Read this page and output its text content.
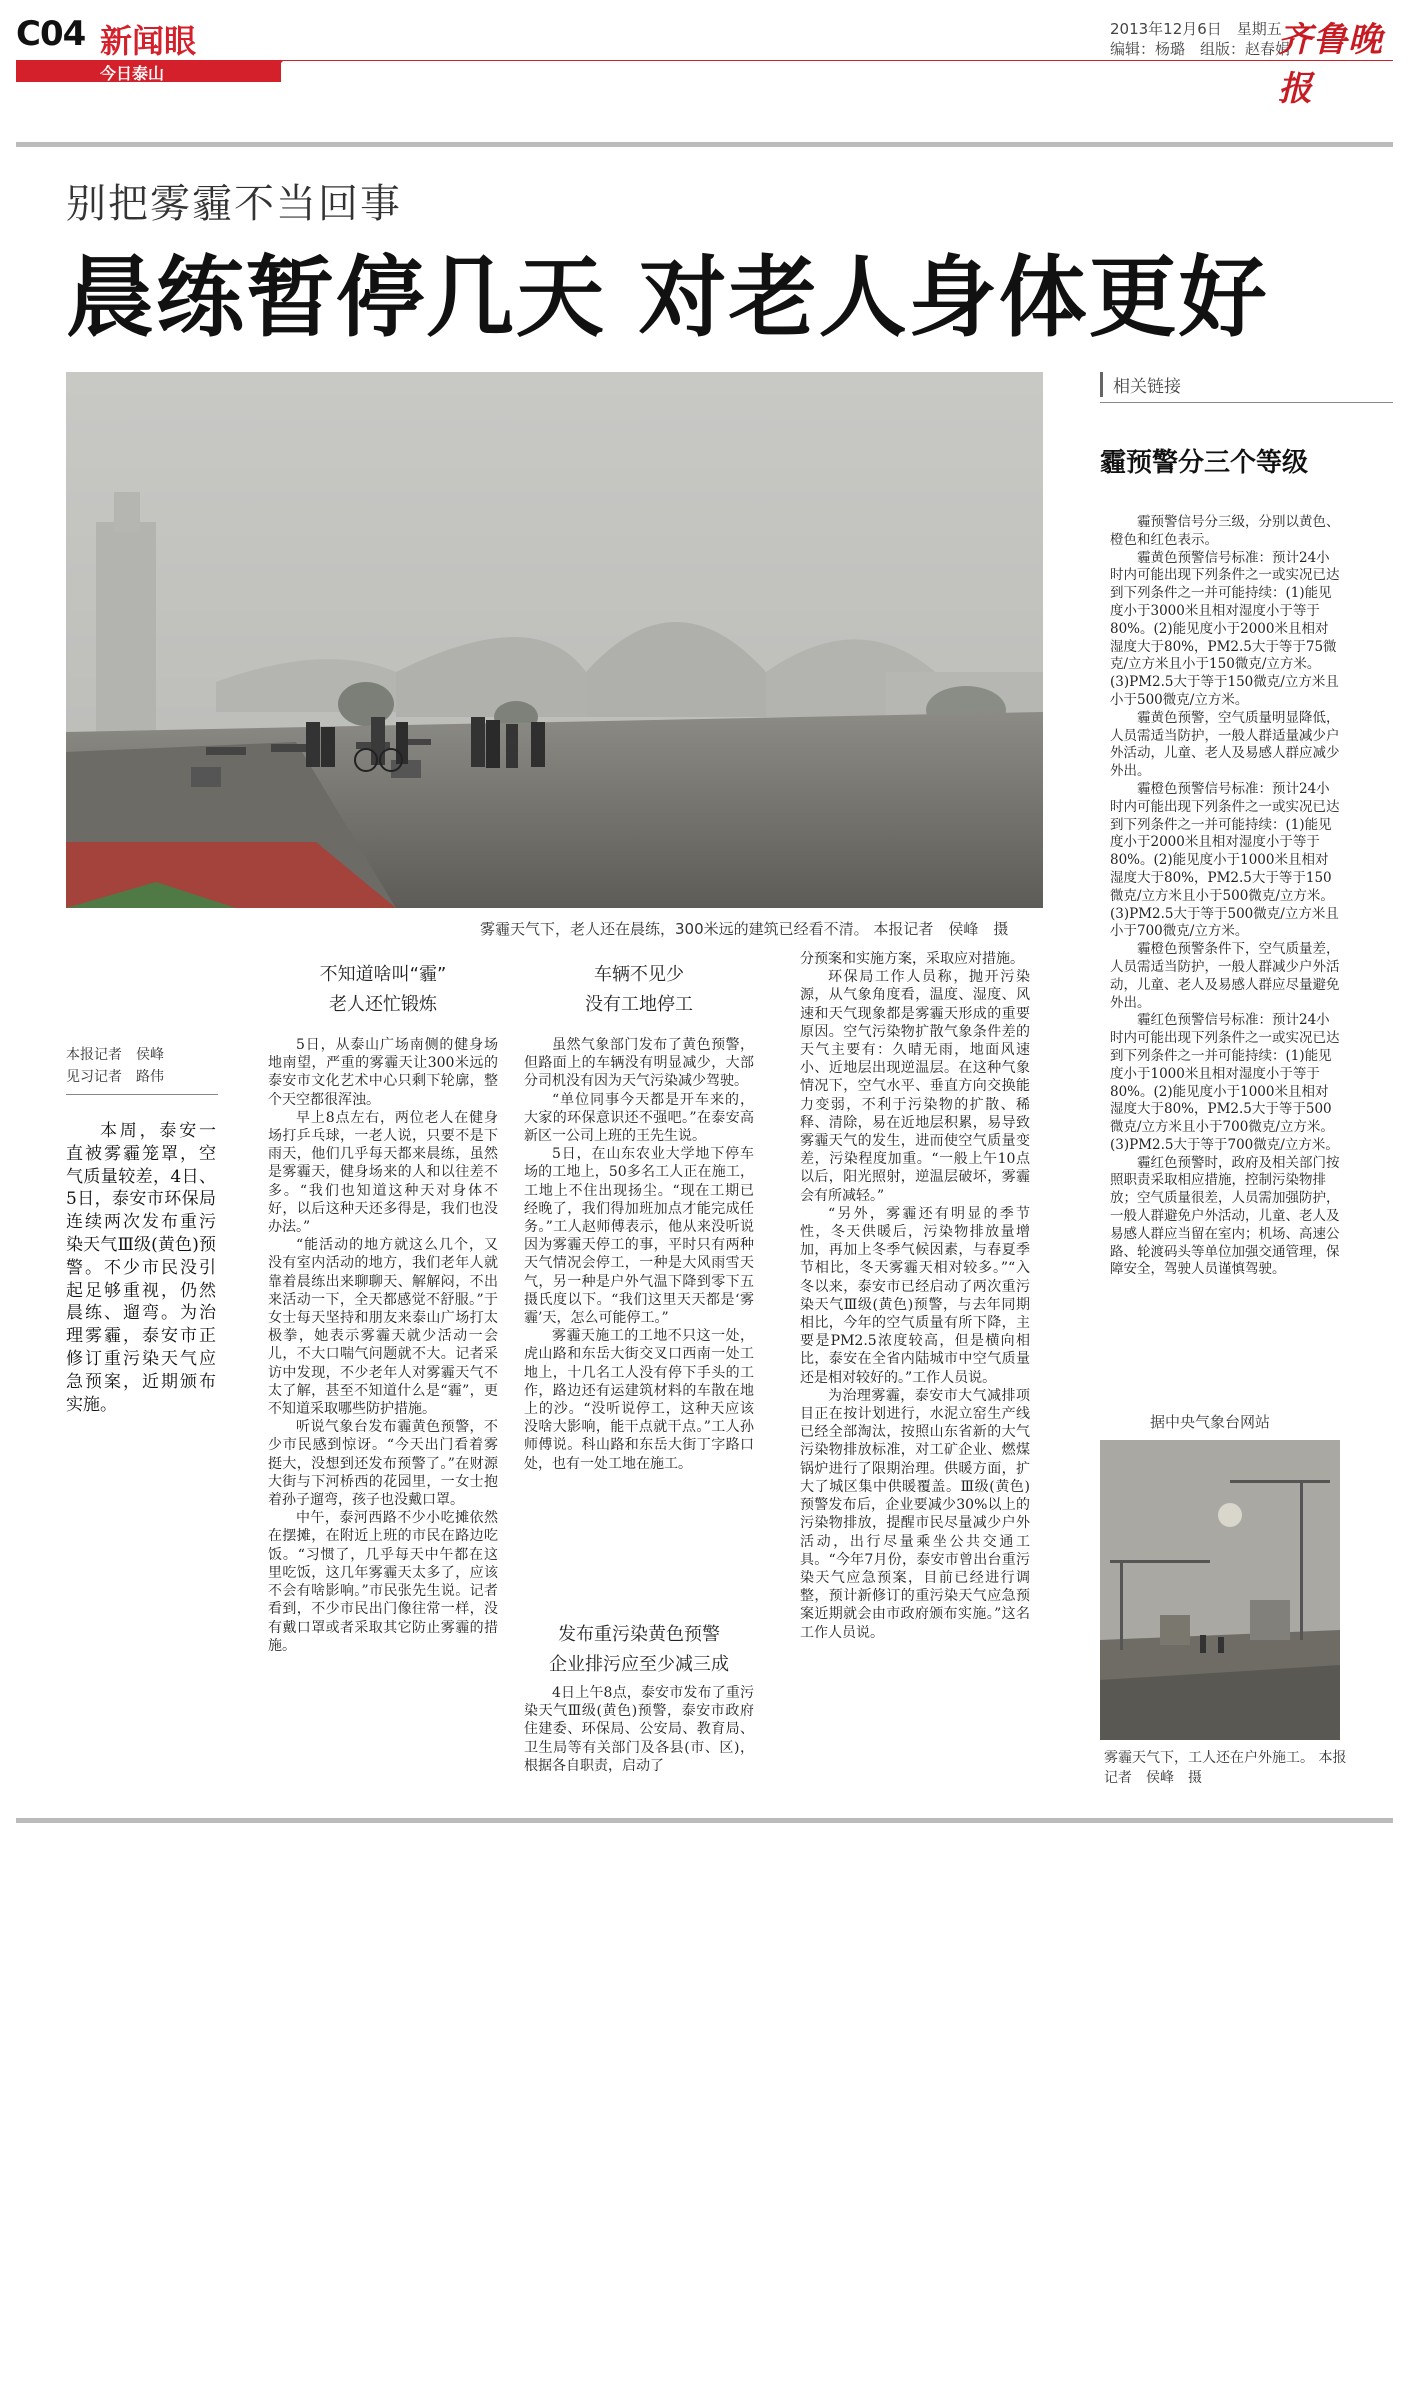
C04 新闻眼
今日泰山
2013年12月6日　星期五
编辑：杨璐　组版：赵春娟
齐鲁晚报
别把雾霾不当回事
晨练暂停几天 对老人身体更好
雾霾天气下，老人还在晨练，300米远的建筑已经看不清。 本报记者　侯峰　摄
相关链接
霾预警分三个等级

霾预警信号分三级，分别以黄色、橙色和红色表示。

霾黄色预警信号标准：预计24小时内可能出现下列条件之一或实况已达到下列条件之一并可能持续：(1)能见度小于3000米且相对湿度小于等于80%。(2)能见度小于2000米且相对湿度大于80%，PM2.5大于等于75微克/立方米且小于150微克/立方米。(3)PM2.5大于等于150微克/立方米且小于500微克/立方米。

霾黄色预警，空气质量明显降低，人员需适当防护，一般人群适量减少户外活动，儿童、老人及易感人群应减少外出。

霾橙色预警信号标准：预计24小时内可能出现下列条件之一或实况已达到下列条件之一并可能持续：(1)能见度小于2000米且相对湿度小于等于80%。(2)能见度小于1000米且相对湿度大于80%，PM2.5大于等于150微克/立方米且小于500微克/立方米。(3)PM2.5大于等于500微克/立方米且小于700微克/立方米。

霾橙色预警条件下，空气质量差，人员需适当防护，一般人群减少户外活动，儿童、老人及易感人群应尽量避免外出。

霾红色预警信号标准：预计24小时内可能出现下列条件之一或实况已达到下列条件之一并可能持续：(1)能见度小于1000米且相对湿度小于等于80%。(2)能见度小于1000米且相对湿度大于80%，PM2.5大于等于500微克/立方米且小于700微克/立方米。(3)PM2.5大于等于700微克/立方米。

霾红色预警时，政府及相关部门按照职责采取相应措施，控制污染物排放；空气质量很差，人员需加强防护，一般人群避免户外活动，儿童、老人及易感人群应当留在室内；机场、高速公路、轮渡码头等单位加强交通管理，保障安全，驾驶人员谨慎驾驶。

据中央气象台网站
雾霾天气下，工人还在户外施工。 本报记者　侯峰　摄
本报记者　侯峰
见习记者　路伟

本周，泰安一直被雾霾笼罩，空气质量较差，4日、5日，泰安市环保局连续两次发布重污染天气Ⅲ级(黄色)预警。不少市民没引起足够重视，仍然晨练、遛弯。为治理雾霾，泰安市正修订重污染天气应急预案，近期颁布实施。

不知道啥叫“霾”
老人还忙锻炼

5日，从泰山广场南侧的健身场地南望，严重的雾霾天让300米远的泰安市文化艺术中心只剩下轮廓，整个天空都很浑浊。

早上8点左右，两位老人在健身场打乒乓球，一老人说，只要不是下雨天，他们几乎每天都来晨练，虽然是雾霾天，健身场来的人和以往差不多。“我们也知道这种天对身体不好，以后这种天还多得是，我们也没办法。”

“能活动的地方就这么几个，又没有室内活动的地方，我们老年人就靠着晨练出来聊聊天、解解闷，不出来活动一下，全天都感觉不舒服。”于女士每天坚持和朋友来泰山广场打太极拳，她表示雾霾天就少活动一会儿，不大口喘气问题就不大。记者采访中发现，不少老年人对雾霾天气不太了解，甚至不知道什么是“霾”，更不知道采取哪些防护措施。

听说气象台发布霾黄色预警，不少市民感到惊讶。“今天出门看着雾挺大，没想到还发布预警了。”在财源大街与下河桥西的花园里，一女士抱着孙子遛弯，孩子也没戴口罩。

中午，泰河西路不少小吃摊依然在摆摊，在附近上班的市民在路边吃饭。“习惯了，几乎每天中午都在这里吃饭，这几年雾霾天太多了，应该不会有啥影响。”市民张先生说。记者看到，不少市民出门像往常一样，没有戴口罩或者采取其它防止雾霾的措施。

车辆不见少
没有工地停工

虽然气象部门发布了黄色预警，但路面上的车辆没有明显减少，大部分司机没有因为天气污染减少驾驶。

“单位同事今天都是开车来的，大家的环保意识还不强吧。”在泰安高新区一公司上班的王先生说。

5日，在山东农业大学地下停车场的工地上，50多名工人正在施工，工地上不住出现扬尘。“现在工期已经晚了，我们得加班加点才能完成任务。”工人赵师傅表示，他从来没听说因为雾霾天停工的事，平时只有两种天气情况会停工，一种是大风雨雪天气，另一种是户外气温下降到零下五摄氏度以下。“我们这里天天都是‘雾霾’天，怎么可能停工。”

雾霾天施工的工地不只这一处，虎山路和东岳大街交叉口西南一处工地上，十几名工人没有停下手头的工作，路边还有运建筑材料的车散在地上的沙。“没听说停工，这种天应该没啥大影响，能干点就干点。”工人孙师傅说。科山路和东岳大街丁字路口处，也有一处工地在施工。

发布重污染黄色预警
企业排污应至少减三成

4日上午8点，泰安市发布了重污染天气Ⅲ级(黄色)预警，泰安市政府住建委、环保局、公安局、教育局、卫生局等有关部门及各县(市、区)，根据各自职责，启动了

分预案和实施方案，采取应对措施。

环保局工作人员称，抛开污染源，从气象角度看，温度、湿度、风速和天气现象都是雾霾天形成的重要原因。空气污染物扩散气象条件差的天气主要有：久晴无雨，地面风速小、近地层出现逆温层。在这种气象情况下，空气水平、垂直方向交换能力变弱，不利于污染物的扩散、稀释、清除，易在近地层积累，易导致雾霾天气的发生，进而使空气质量变差，污染程度加重。“一般上午10点以后，阳光照射，逆温层破坏，雾霾会有所减轻。”

“另外，雾霾还有明显的季节性，冬天供暖后，污染物排放量增加，再加上冬季气候因素，与春夏季节相比，冬天雾霾天相对较多。”“入冬以来，泰安市已经启动了两次重污染天气Ⅲ级(黄色)预警，与去年同期相比，今年的空气质量有所下降，主要是PM2.5浓度较高，但是横向相比，泰安在全省内陆城市中空气质量还是相对较好的。”工作人员说。

为治理雾霾，泰安市大气减排项目正在按计划进行，水泥立窑生产线已经全部淘汰，按照山东省新的大气污染物排放标准，对工矿企业、燃煤锅炉进行了限期治理。供暖方面，扩大了城区集中供暖覆盖。Ⅲ级(黄色)预警发布后，企业要减少30%以上的污染物排放，提醒市民尽量减少户外活动，出行尽量乘坐公共交通工具。“今年7月份，泰安市曾出台重污染天气应急预案，目前已经进行调整，预计新修订的重污染天气应急预案近期就会由市政府颁布实施。”这名工作人员说。
